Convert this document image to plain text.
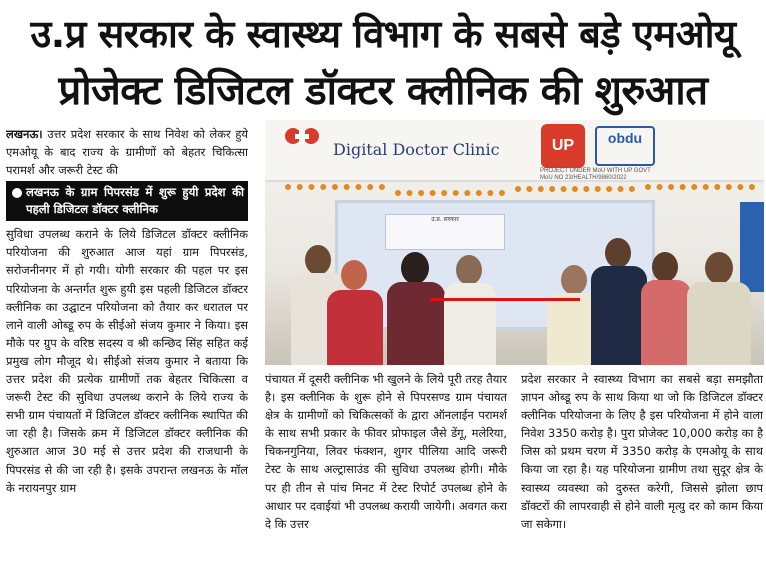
उ.प्र सरकार के स्वास्थ्य विभाग के सबसे बड़े एमओयू
प्रोजेक्ट डिजिटल डॉक्टर क्लीनिक की शुरुआत

लखनऊ। उत्तर प्रदेश सरकार के साथ निवेश को लेकर हुये एमओयू के बाद राज्य के ग्रामीणों को बेहतर चिकित्सा परामर्श और जरूरी टेस्ट की

लखनऊ के ग्राम पिपरसंड में शुरू हुयी प्रदेश की पहली डिजिटल डॉक्टर क्लीनिक

सुविधा उपलब्ध कराने के लिये डिजिटल डॉक्टर क्लीनिक परियोजना की शुरुआत आज यहां ग्राम पिपरसंड, सरोजनीनगर में हो गयी। योगी सरकार की पहल पर इस परियोजना के अन्तर्गत शुरू हुयी इस पहली डिजिटल डॉक्टर क्लीनिक का उद्घाटन परियोजना को तैयार कर धरातल पर लाने वाली ओब्डू रुप के सीईओ संजय कुमार ने किया। इस मौके पर ग्रुप के वरिष्ठ सदस्य व श्री कन्छिद सिंह सहित कई प्रमुख लोग मौजूद थे। सीईओ संजय कुमार ने बताया कि उत्तर प्रदेश की प्रत्येक ग्रामीणों तक बेहतर चिकित्सा व जरूरी टेस्ट की सुविधा उपलब्ध कराने के लिये राज्य के सभी ग्राम पंचायतों में डिजिटल डॉक्टर क्लीनिक स्थापित की जा रही है। जिसके क्रम में डिजिटल डॉक्टर क्लीनिक की शुरुआत आज 30 मई से उत्तर प्रदेश की राजधानी के पिपरसंड से की जा रही है। इसके उपरान्त लखनऊ के मॉल के नरायनपुर ग्राम

Digital Doctor Clinic	UP	obdu
PROJECT UNDER MoU WITH UP GOVT
MoU NO 23/HEALTH/9860/2022
उ.प्र. सरकार
पंचायत में दूसरी क्लीनिक भी खुलने के लिये पूरी तरह तैयार है। इस क्लीनिक के शुरू होने से पिपरसण्ड ग्राम पंचायत क्षेत्र के ग्रामीणों को चिकित्सकों के द्वारा ऑनलाईन परामर्श के साथ सभी प्रकार के फीवर प्रोफाइल जैसे डेंगू, मलेरिया, चिकनगुनिया, लिवर फंक्शन, शुगर पीलिया आदि जरूरी टेस्ट के साथ अल्ट्रासाउंड की सुविधा उपलब्ध होगी। मौके पर ही तीन से पांच मिनट में टेस्ट रिपोर्ट उपलब्ध होने के आधार पर दवाईयां भी उपलब्ध करायी जायेगी। अवगत करा दे कि उत्तर
प्रदेश सरकार ने स्वास्थ्य विभाग का सबसे बड़ा समझौता ज्ञापन ओब्डू रुप के साथ किया था जो कि डिजिटल डॉक्टर क्लीनिक परियोजना के लिए है इस परियोजना में होने वाला निवेश 3350 करोड़ है। पुरा प्रोजेक्ट 10,000 करोड़ का है जिस को प्रथम चरण में 3350 करोड़ के एमओयू के साथ किया जा रहा है। यह परियोजना ग्रामीण तथा सुदूर क्षेत्र के स्वास्थ्य व्यवस्था को दुरुस्त करेगी, जिससे झोला छाप डॉक्टरों की लापरवाही से होने वाली मृत्यु दर को काम किया जा सकेगा।
